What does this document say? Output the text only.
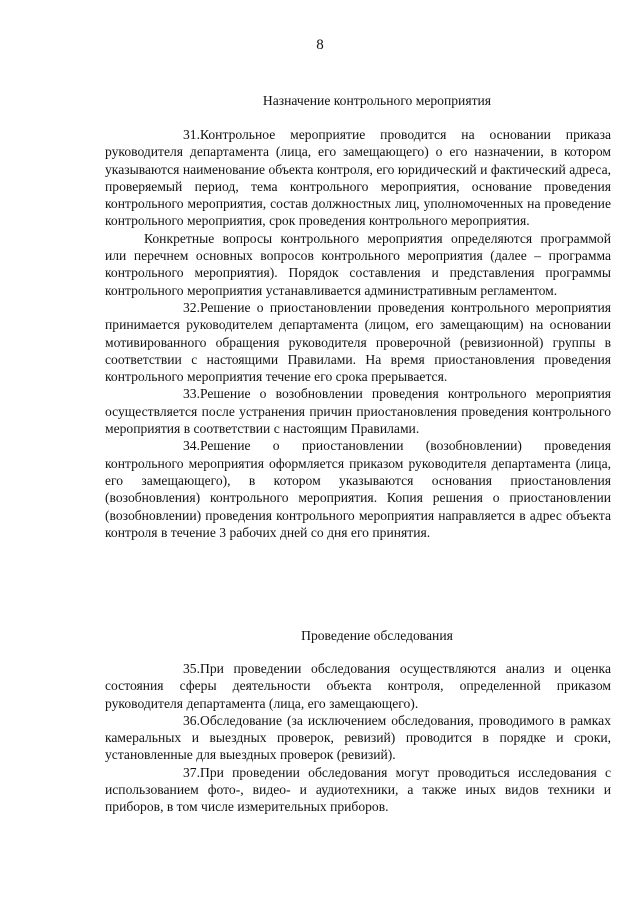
8
Назначение контрольного мероприятия

31.Контрольное мероприятие проводится на основании приказа руководителя департамента (лица, его замещающего) о его назначении, в котором указываются наименование объекта контроля, его юридический и фактический адреса, проверяемый период, тема контрольного мероприятия, основание проведения контрольного мероприятия, состав должностных лиц, уполномоченных на проведение контрольного мероприятия, срок проведения контрольного мероприятия.

Конкретные вопросы контрольного мероприятия определяются программой или перечнем основных вопросов контрольного мероприятия (далее – программа контрольного мероприятия). Порядок составления и представления программы контрольного мероприятия устанавливается административным регламентом.

32.Решение о приостановлении проведения контрольного мероприятия принимается руководителем департамента (лицом, его замещающим) на основании мотивированного обращения руководителя проверочной (ревизионной) группы в соответствии с настоящими Правилами. На время приостановления проведения контрольного мероприятия течение его срока прерывается.

33.Решение о возобновлении проведения контрольного мероприятия осуществляется после устранения причин приостановления проведения контрольного мероприятия в соответствии с настоящим Правилами.

34.Решение о приостановлении (возобновлении) проведения контрольного мероприятия оформляется приказом руководителя департамента (лица, его замещающего), в котором указываются основания приостановления (возобновления) контрольного мероприятия. Копия решения о приостановлении (возобновлении) проведения контрольного мероприятия направляется в адрес объекта контроля в течение 3 рабочих дней со дня его принятия.

Проведение обследования

35.При проведении обследования осуществляются анализ и оценка состояния сферы деятельности объекта контроля, определенной приказом руководителя департамента (лица, его замещающего).

36.Обследование (за исключением обследования, проводимого в рамках камеральных и выездных проверок, ревизий) проводится в порядке и сроки, установленные для выездных проверок (ревизий).

37.При проведении обследования могут проводиться исследования с использованием фото-, видео- и аудиотехники, а также иных видов техники и приборов, в том числе измерительных приборов.
